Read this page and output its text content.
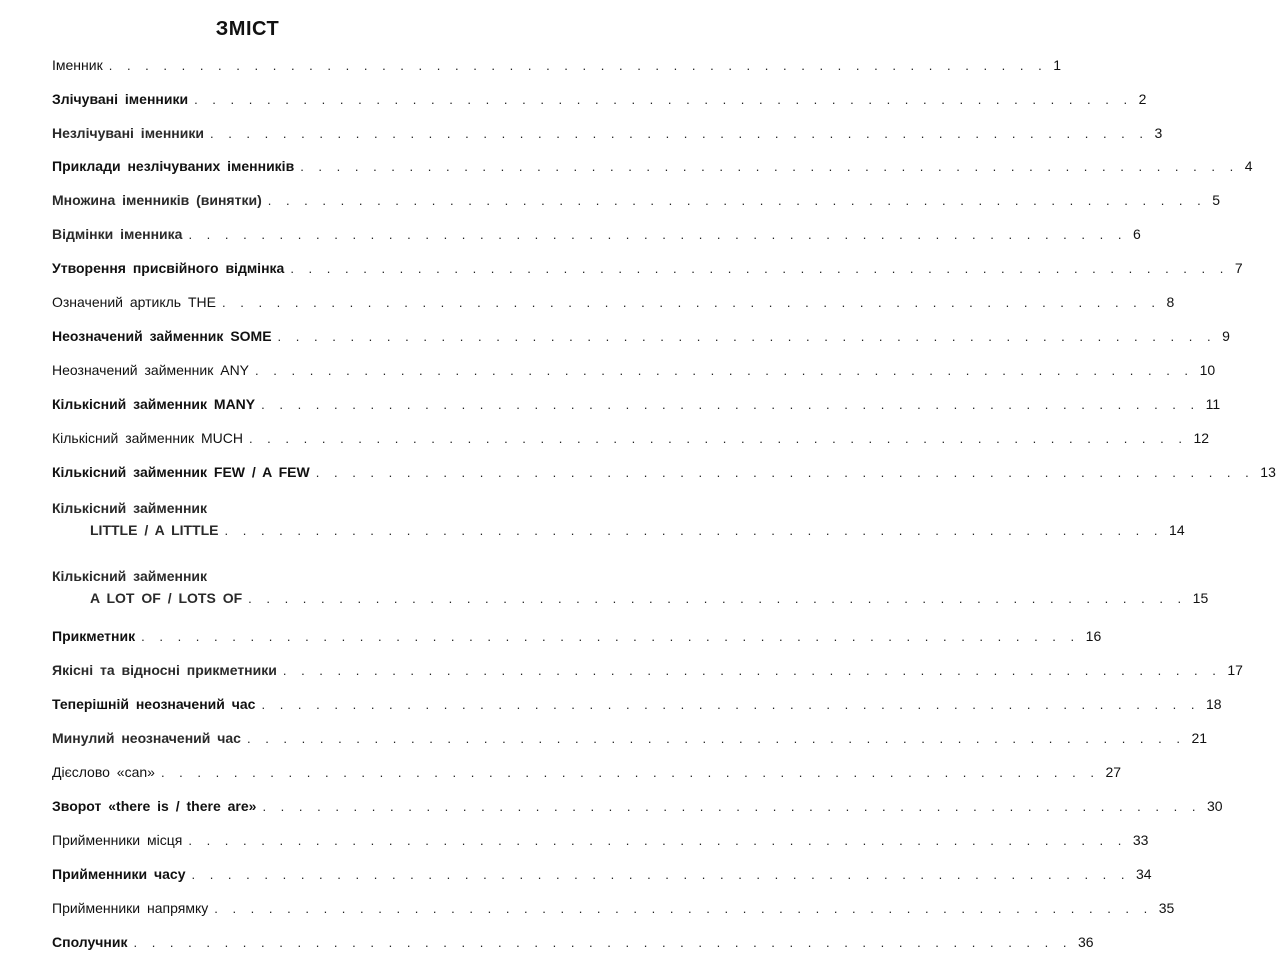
ЗМІСТ
Іменник . . . . . . . . . . . . . . . . . . . . . . . . . . . . . . . . . . . . . . . . . . . . . . . . . . . . 1
Злічувані іменники . . . . . . . . . . . . . . . . . . . . . . . . . . . . . . . . . . . . . . . . . . . . . . . . . . . . 2
Незлічувані іменники . . . . . . . . . . . . . . . . . . . . . . . . . . . . . . . . . . . . . . . . . . . . . . . . . . . . 3
Приклади незлічуваних іменників . . . . . . . . . . . . . . . . . . . . . . . . . . . . . . . . . . . . . . . . . . . . . . . . . . . . 4
Множина іменників (винятки) . . . . . . . . . . . . . . . . . . . . . . . . . . . . . . . . . . . . . . . . . . . . . . . . . . . . 5
Відмінки іменника . . . . . . . . . . . . . . . . . . . . . . . . . . . . . . . . . . . . . . . . . . . . . . . . . . . . 6
Утворення присвійного відмінка . . . . . . . . . . . . . . . . . . . . . . . . . . . . . . . . . . . . . . . . . . . . . . . . . . . . 7
Означений артикль THE . . . . . . . . . . . . . . . . . . . . . . . . . . . . . . . . . . . . . . . . . . . . . . . . . . . . 8
Неозначений займенник SOME . . . . . . . . . . . . . . . . . . . . . . . . . . . . . . . . . . . . . . . . . . . . . . . . . . . . 9
Неозначений займенник ANY . . . . . . . . . . . . . . . . . . . . . . . . . . . . . . . . . . . . . . . . . . . . . . . . . . . . 10
Кількісний займенник MANY . . . . . . . . . . . . . . . . . . . . . . . . . . . . . . . . . . . . . . . . . . . . . . . . . . . . 11
Кількісний займенник MUCH . . . . . . . . . . . . . . . . . . . . . . . . . . . . . . . . . . . . . . . . . . . . . . . . . . . . 12
Кількісний займенник FEW / A FEW . . . . . . . . . . . . . . . . . . . . . . . . . . . . . . . . . . . . . . . . . . . . . . . . . . . . 13
Кількісний займенник
LITTLE / A LITTLE . . . . . . . . . . . . . . . . . . . . . . . . . . . . . . . . . . . . . . . . . . . . . . . . . . . . 14
Кількісний займенник
A LOT OF / LOTS OF . . . . . . . . . . . . . . . . . . . . . . . . . . . . . . . . . . . . . . . . . . . . . . . . . . . . 15
Прикметник . . . . . . . . . . . . . . . . . . . . . . . . . . . . . . . . . . . . . . . . . . . . . . . . . . . . 16
Якісні та відносні прикметники . . . . . . . . . . . . . . . . . . . . . . . . . . . . . . . . . . . . . . . . . . . . . . . . . . . . 17
Теперішній неозначений час . . . . . . . . . . . . . . . . . . . . . . . . . . . . . . . . . . . . . . . . . . . . . . . . . . . . 18
Минулий неозначений час . . . . . . . . . . . . . . . . . . . . . . . . . . . . . . . . . . . . . . . . . . . . . . . . . . . . 21
Дієслово «can» . . . . . . . . . . . . . . . . . . . . . . . . . . . . . . . . . . . . . . . . . . . . . . . . . . . . 27
Зворот «there is / there are» . . . . . . . . . . . . . . . . . . . . . . . . . . . . . . . . . . . . . . . . . . . . . . . . . . . . 30
Прийменники місця . . . . . . . . . . . . . . . . . . . . . . . . . . . . . . . . . . . . . . . . . . . . . . . . . . . . 33
Прийменники часу . . . . . . . . . . . . . . . . . . . . . . . . . . . . . . . . . . . . . . . . . . . . . . . . . . . . 34
Прийменники напрямку . . . . . . . . . . . . . . . . . . . . . . . . . . . . . . . . . . . . . . . . . . . . . . . . . . . . 35
Сполучник . . . . . . . . . . . . . . . . . . . . . . . . . . . . . . . . . . . . . . . . . . . . . . . . . . . . 36
